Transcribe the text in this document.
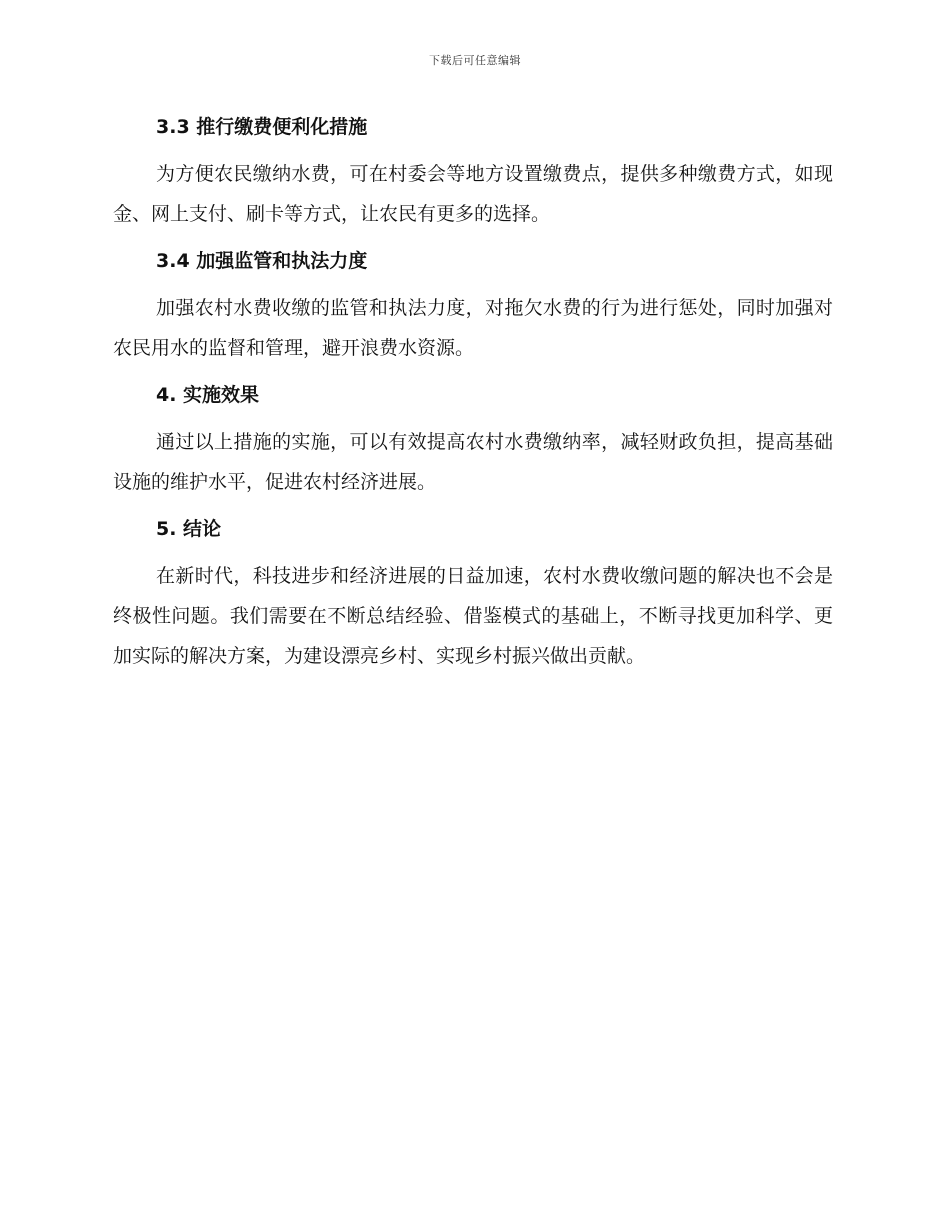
下载后可任意编辑
3.3 推行缴费便利化措施

为方便农民缴纳水费，可在村委会等地方设置缴费点，提供多种缴费方式，如现金、网上支付、刷卡等方式，让农民有更多的选择。

3.4 加强监管和执法力度

加强农村水费收缴的监管和执法力度，对拖欠水费的行为进行惩处，同时加强对农民用水的监督和管理，避开浪费水资源。

4. 实施效果

通过以上措施的实施，可以有效提高农村水费缴纳率，减轻财政负担，提高基础设施的维护水平，促进农村经济进展。

5. 结论

在新时代，科技进步和经济进展的日益加速，农村水费收缴问题的解决也不会是终极性问题。我们需要在不断总结经验、借鉴模式的基础上，不断寻找更加科学、更加实际的解决方案，为建设漂亮乡村、实现乡村振兴做出贡献。
